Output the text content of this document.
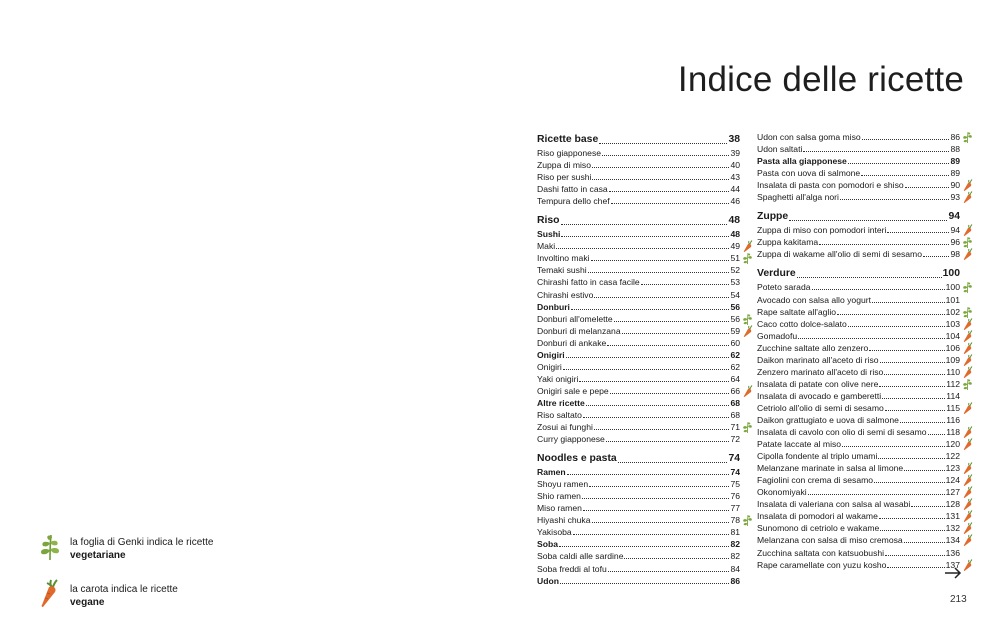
Indice delle ricette
Ricette base	38
Riso giapponese	39
Zuppa di miso	40
Riso per sushi	43
Dashi fatto in casa	44
Tempura dello chef	46
Riso	48
Sushi	48
Maki	49
Involtino maki	51
Temaki sushi	52
Chirashi fatto in casa facile	53
Chirashi estivo	54
Donburi	56
Donburi all'omelette	56
Donburi di melanzana	59
Donburi di ankake	60
Onigiri	62
Onigiri	62
Yaki onigiri	64
Onigiri sale e pepe	66
Altre ricette	68
Riso saltato	68
Zosui ai funghi	71
Curry giapponese	72
Noodles e pasta	74
Ramen	74
Shoyu ramen	75
Shio ramen	76
Miso ramen	77
Hiyashi chuka	78
Yakisoba	81
Soba	82
Soba caldi alle sardine	82
Soba freddi al tofu	84
Udon	86
Udon con salsa goma miso	86
Udon saltati	88
Pasta alla giapponese	89
Pasta con uova di salmone	89
Insalata di pasta con pomodori e shiso	90
Spaghetti all'alga nori	93
Zuppe	94
Zuppa di miso con pomodori interi	94
Zuppa kakitama	96
Zuppa di wakame all'olio di semi di sesamo	98
Verdure	100
Poteto sarada	100
Avocado con salsa allo yogurt	101
Rape saltate all'aglio	102
Caco cotto dolce-salato	103
Gomadofu	104
Zucchine saltate allo zenzero	106
Daikon marinato all'aceto di riso	109
Zenzero marinato all'aceto di riso	110
Insalata di patate con olive nere	112
Insalata di avocado e gamberetti	114
Cetriolo all'olio di semi di sesamo	115
Daikon grattugiato e uova di salmone	116
Insalata di cavolo con olio di semi di sesamo 118
Patate laccate al miso	120
Cipolla fondente al triplo umami	122
Melanzane marinate in salsa al limone	123
Fagiolini con crema di sesamo	124
Okonomiyaki	127
Insalata di valeriana con salsa al wasabi	128
Insalata di pomodori al wakame	131
Sunomono di cetriolo e wakame	132
Melanzana con salsa di miso cremosa	134
Zucchina saltata con katsuobushi	136
Rape caramellate con yuzu kosho	137
la foglia di Genki indica le ricette
vegetariane
la carota indica le ricette
vegane	213
